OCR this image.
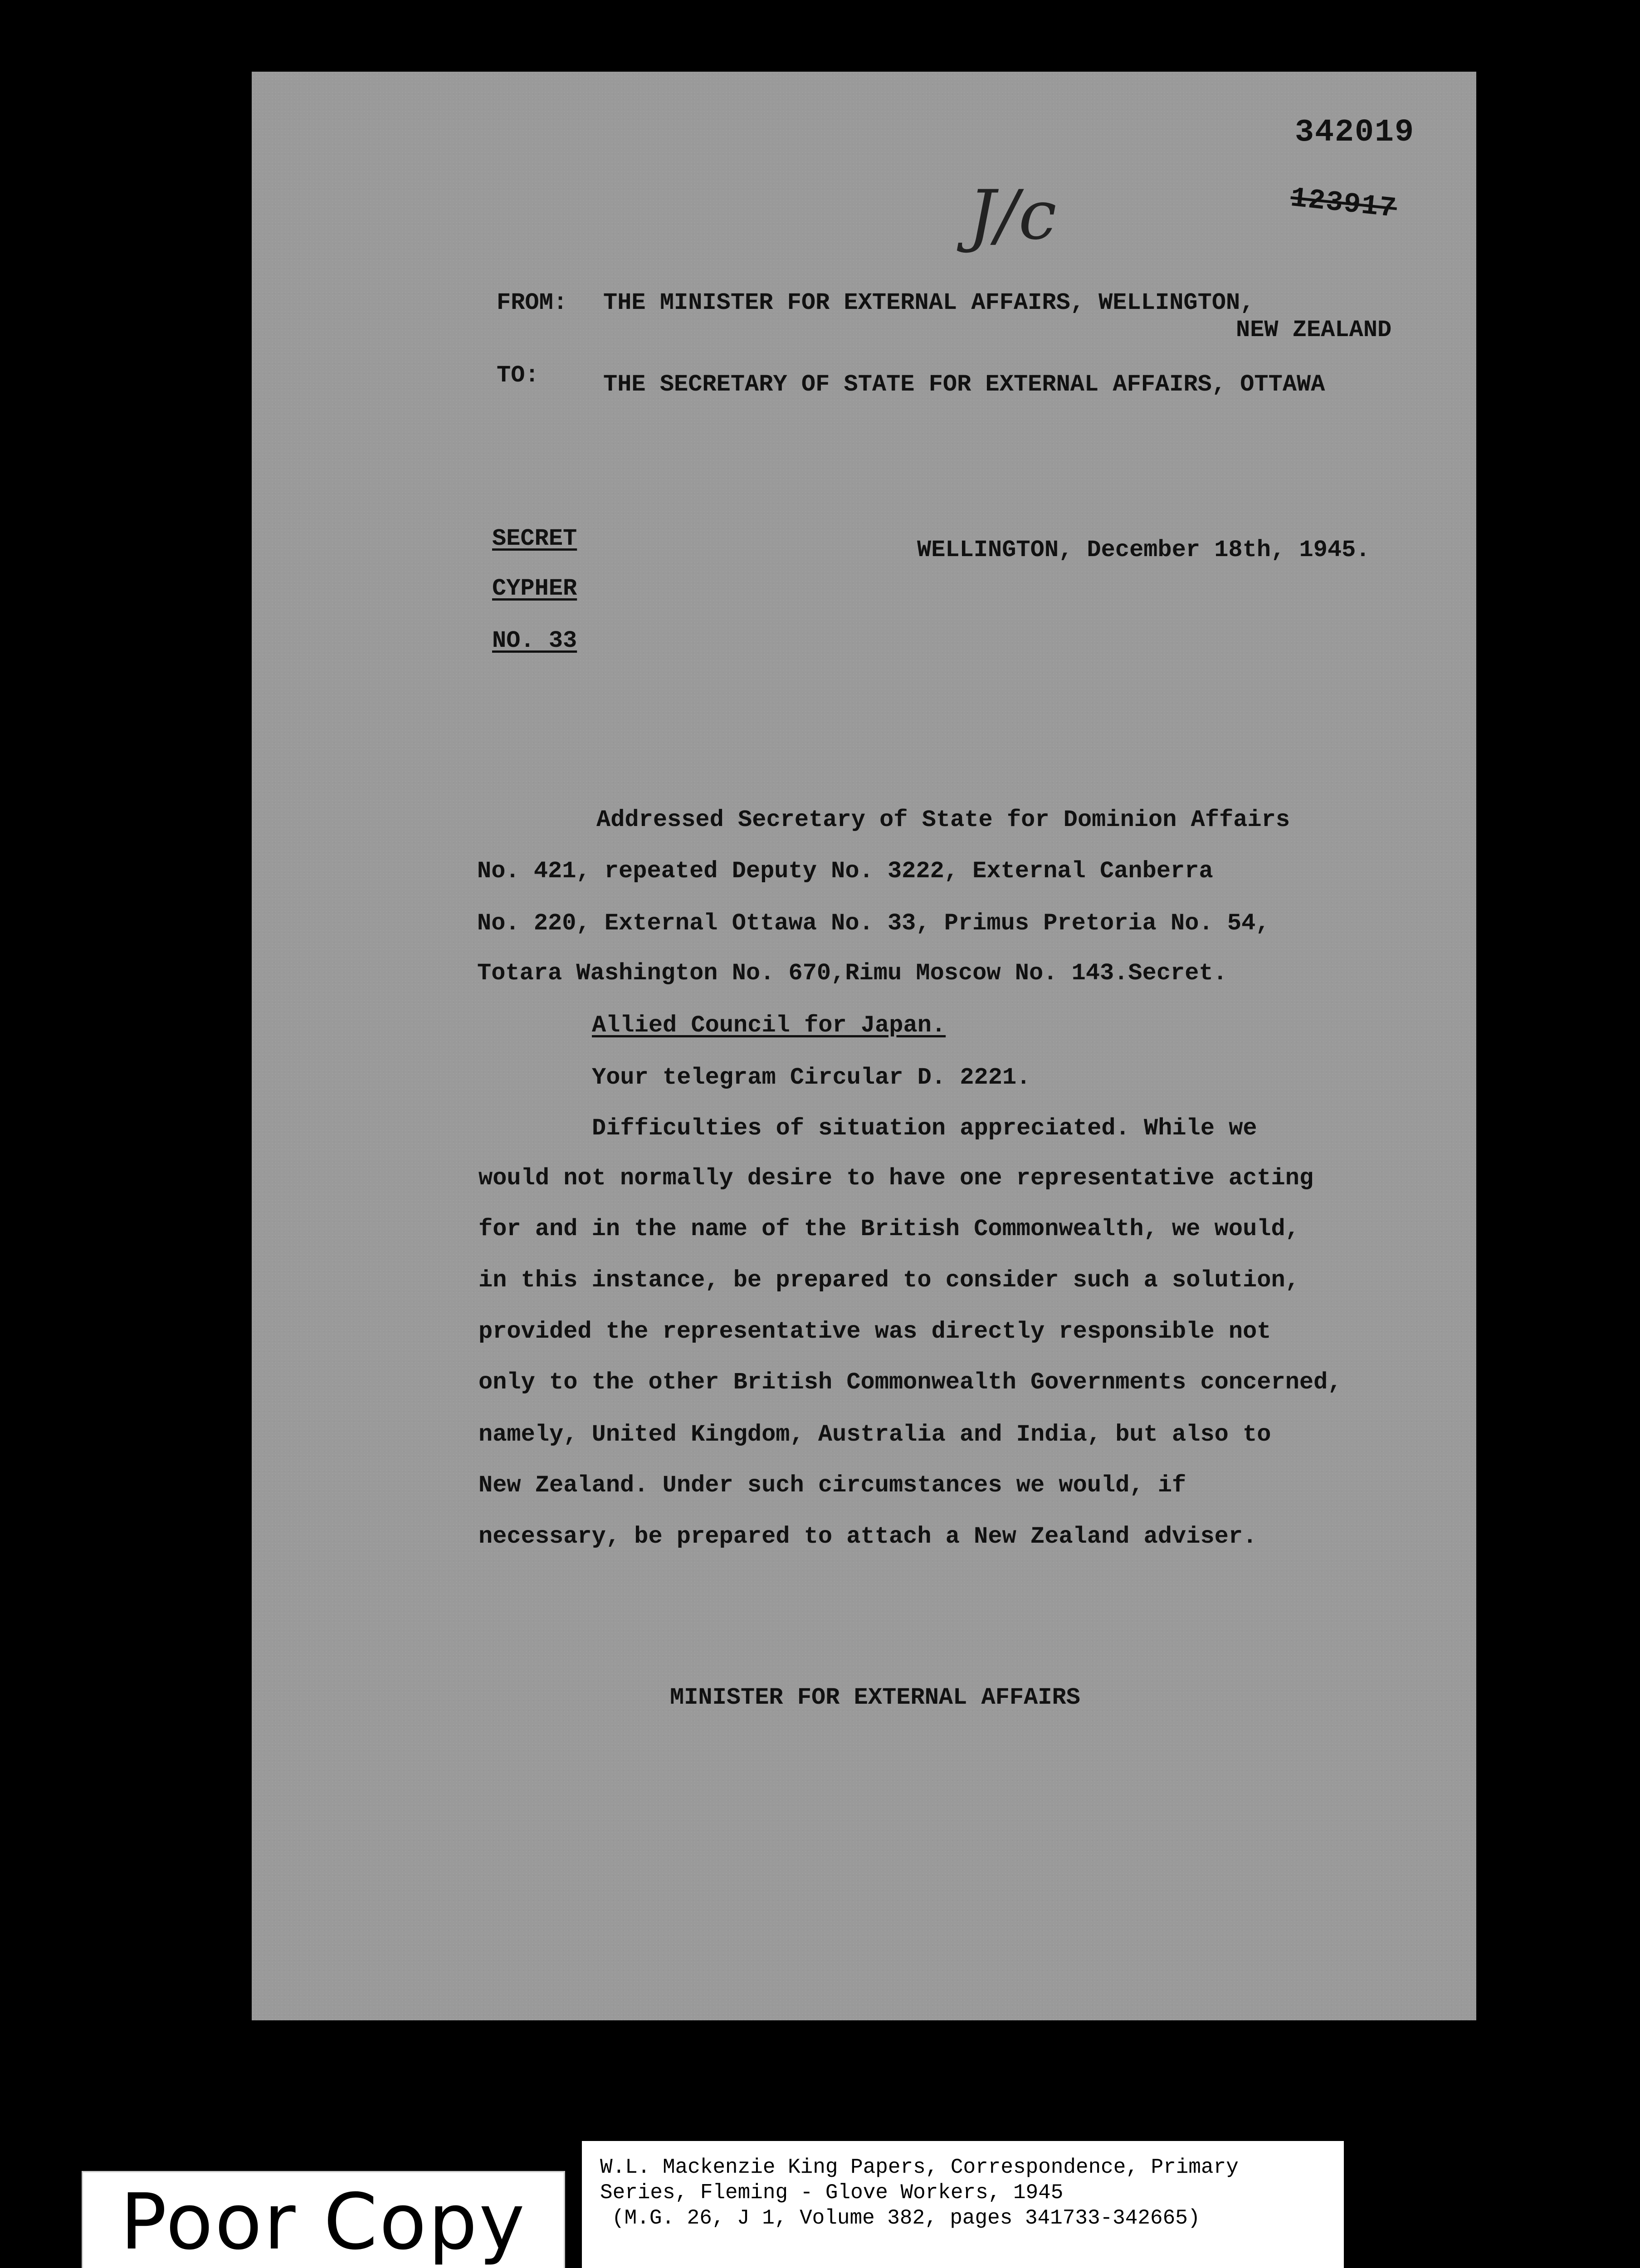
342019
123917
J/c
FROM: THE MINISTER FOR EXTERNAL AFFAIRS, WELLINGTON,
NEW ZEALAND
TO:	THE SECRETARY OF STATE FOR EXTERNAL AFFAIRS, OTTAWA
SECRET
CYPHER
NO. 33
WELLINGTON, December 18th, 1945.
Addressed Secretary of State for Dominion Affairs
No. 421, repeated Deputy No. 3222, External Canberra
No. 220, External Ottawa No. 33, Primus Pretoria No. 54,
Totara Washington No. 670,Rimu Moscow No. 143.Secret.
Allied Council for Japan.
Your telegram Circular D. 2221.
Difficulties of situation appreciated. While we
would not normally desire to have one representative acting
for and in the name of the British Commonwealth, we would,
in this instance, be prepared to consider such a solution,
provided the representative was directly responsible not
only to the other British Commonwealth Governments concerned,
namely, United Kingdom, Australia and India, but also to
New Zealand. Under such circumstances we would, if
necessary, be prepared to attach a New Zealand adviser.
MINISTER FOR EXTERNAL AFFAIRS
Poor Copy
W.L. Mackenzie King Papers, Correspondence, Primary
Series, Fleming - Glove Workers, 1945
(M.G. 26, J 1, Volume 382, pages 341733-342665)
